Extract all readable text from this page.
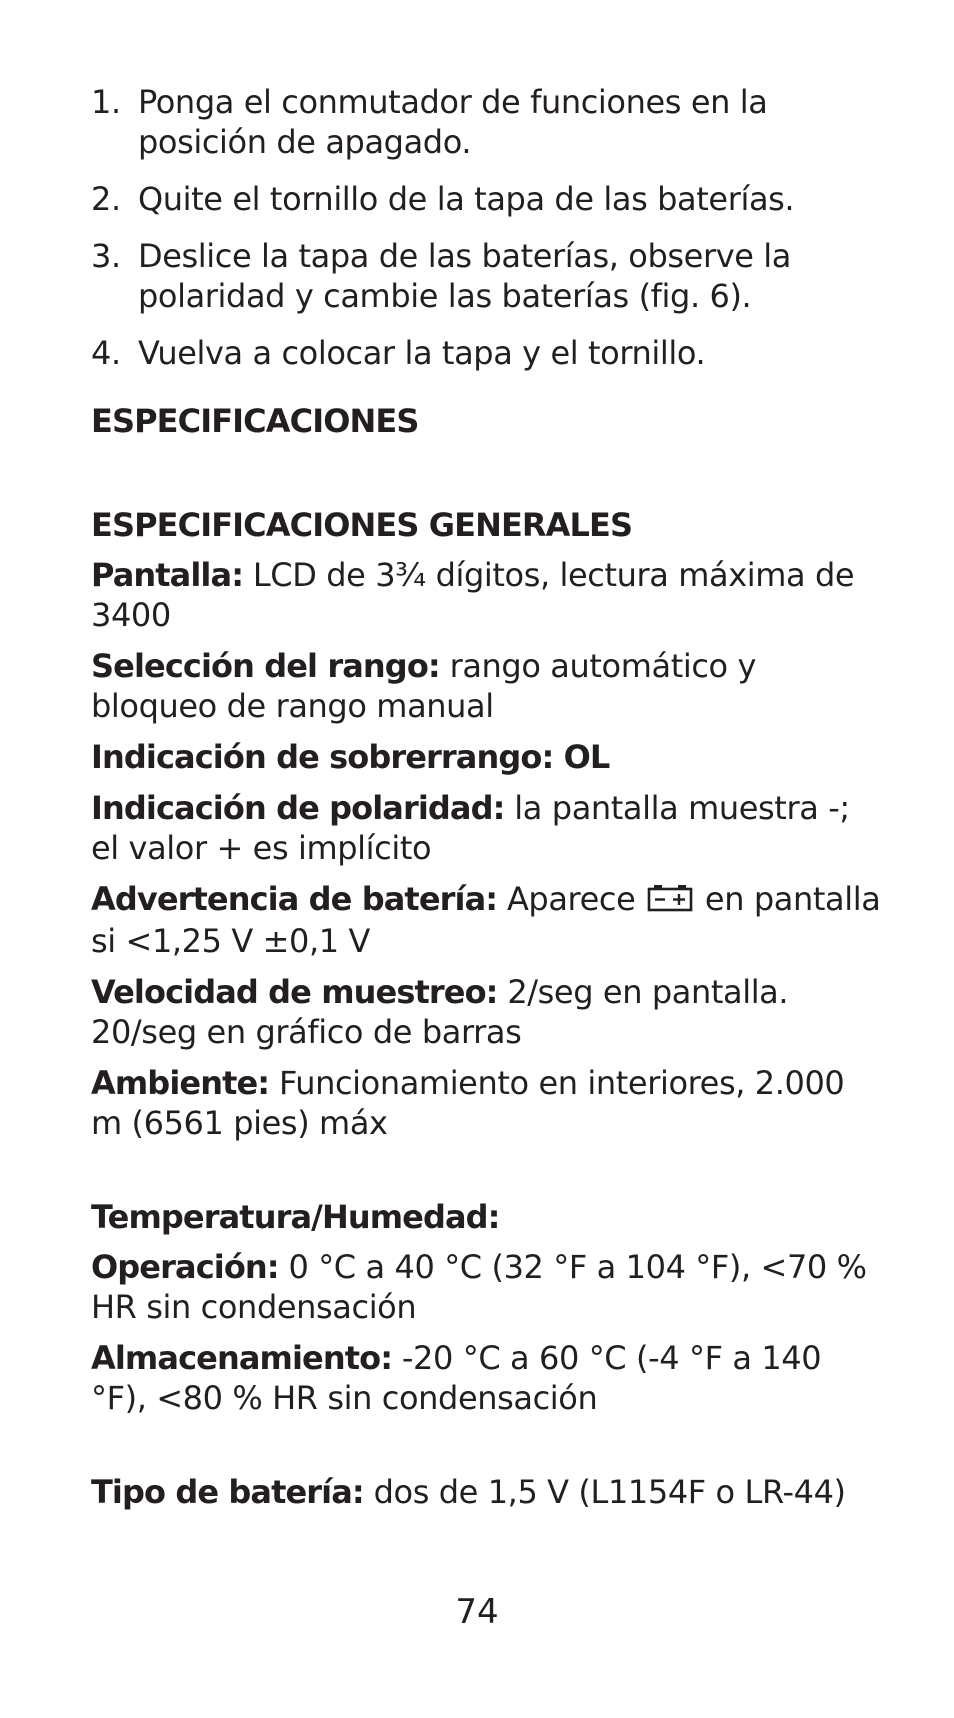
1. Ponga el conmutador de funciones en la posición de apagado.
2. Quite el tornillo de la tapa de las baterías.
3. Deslice la tapa de las baterías, observe la polaridad y cambie las baterías (fig. 6).
4. Vuelva a colocar la tapa y el tornillo.
ESPECIFICACIONES
ESPECIFICACIONES GENERALES
Pantalla: LCD de 3¾ dígitos, lectura máxima de 3400
Selección del rango: rango automático y bloqueo de rango manual
Indicación de sobrerrango: OL
Indicación de polaridad: la pantalla muestra -; el valor + es implícito
Advertencia de batería: Aparece  en pantalla si <1,25 V ±0,1 V
Velocidad de muestreo: 2/seg en pantalla. 20/seg en gráfico de barras
Ambiente: Funcionamiento en interiores, 2.000 m (6561 pies) máx
Temperatura/Humedad:
Operación: 0 °C a 40 °C (32 °F a 104 °F), <70 % HR sin condensación
Almacenamiento: -20 °C a 60 °C (-4 °F a 140 °F), <80 % HR sin condensación
Tipo de batería: dos de 1,5 V (L1154F o LR-44)
74
